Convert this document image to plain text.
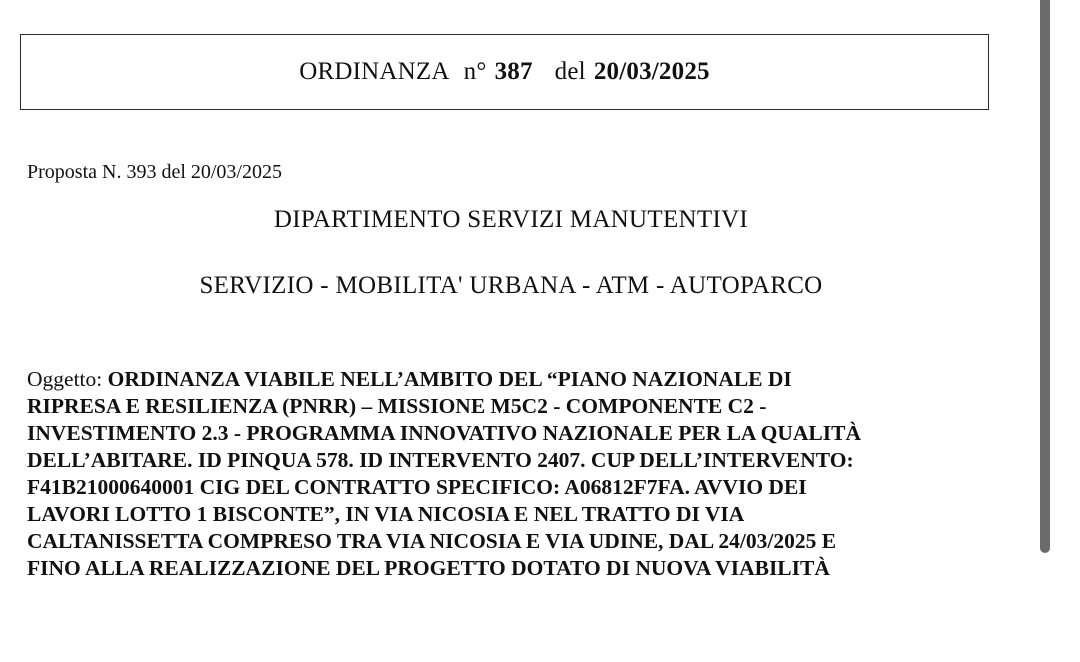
ORDINANZA n° 387 del 20/03/2025
Proposta N. 393 del 20/03/2025
DIPARTIMENTO SERVIZI MANUTENTIVI
SERVIZIO - MOBILITA' URBANA - ATM - AUTOPARCO
Oggetto: ORDINANZA VIABILE NELL’AMBITO DEL “PIANO NAZIONALE DI
RIPRESA E RESILIENZA (PNRR) – MISSIONE M5C2 - COMPONENTE C2 -
INVESTIMENTO 2.3 - PROGRAMMA INNOVATIVO NAZIONALE PER LA QUALITÀ
DELL’ABITARE. ID PINQUA 578. ID INTERVENTO 2407. CUP DELL’INTERVENTO:
F41B21000640001 CIG DEL CONTRATTO SPECIFICO: A06812F7FA. AVVIO DEI
LAVORI LOTTO 1 BISCONTE”, IN VIA NICOSIA E NEL TRATTO DI VIA
CALTANISSETTA COMPRESO TRA VIA NICOSIA E VIA UDINE, DAL 24/03/2025 E
FINO ALLA REALIZZAZIONE DEL PROGETTO DOTATO DI NUOVA VIABILITÀ
